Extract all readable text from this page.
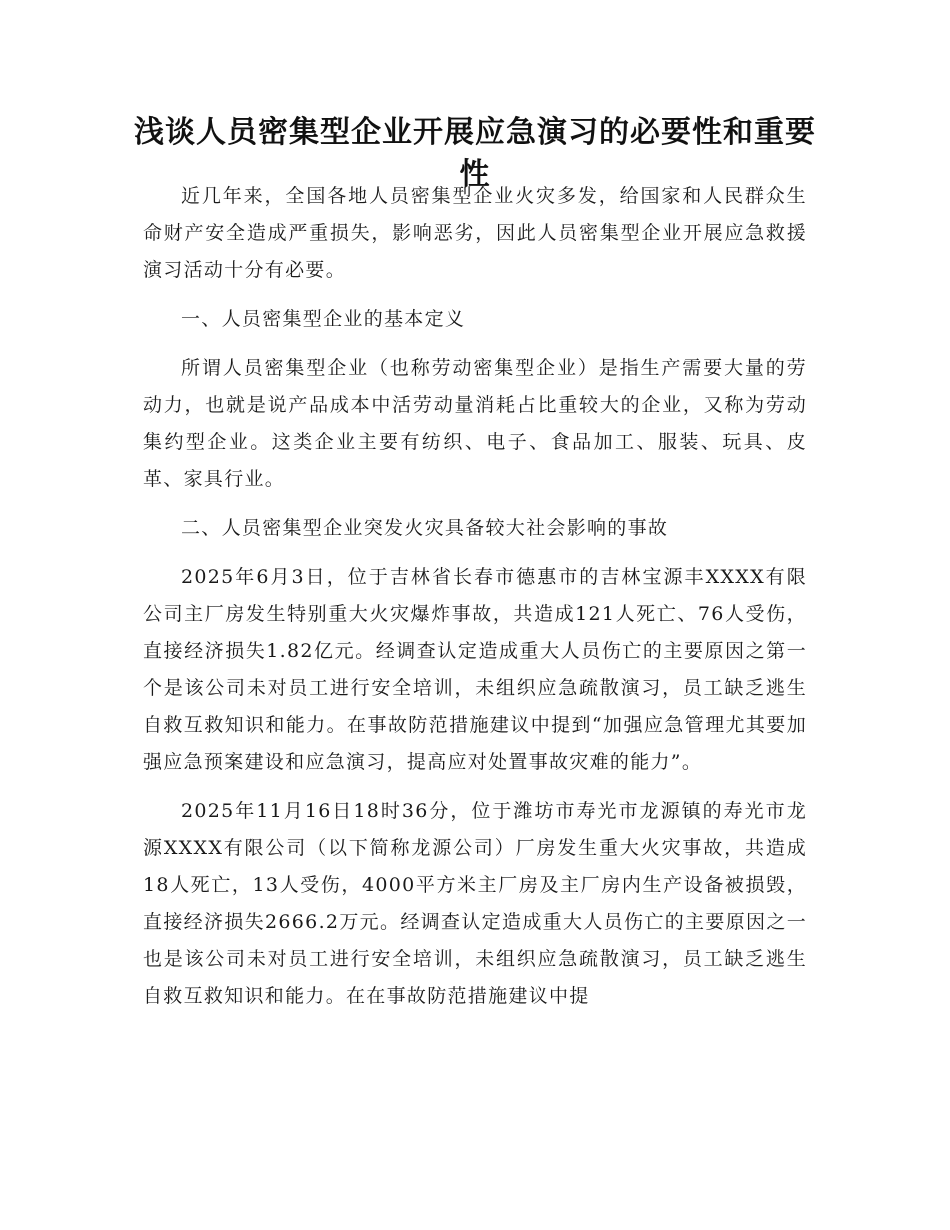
浅谈人员密集型企业开展应急演习的必要性和重要性

近几年来，全国各地人员密集型企业火灾多发，给国家和人民群众生命财产安全造成严重损失，影响恶劣，因此人员密集型企业开展应急救援演习活动十分有必要。

一、人员密集型企业的基本定义

所谓人员密集型企业（也称劳动密集型企业）是指生产需要大量的劳动力，也就是说产品成本中活劳动量消耗占比重较大的企业，又称为劳动集约型企业。这类企业主要有纺织、电子、食品加工、服装、玩具、皮革、家具行业。

二、人员密集型企业突发火灾具备较大社会影响的事故

2025年6月3日，位于吉林省长春市德惠市的吉林宝源丰XXXX有限公司主厂房发生特别重大火灾爆炸事故，共造成121人死亡、76人受伤，直接经济损失1.82亿元。经调查认定造成重大人员伤亡的主要原因之第一个是该公司未对员工进行安全培训，未组织应急疏散演习，员工缺乏逃生自救互救知识和能力。在事故防范措施建议中提到“加强应急管理尤其要加强应急预案建设和应急演习，提高应对处置事故灾难的能力”。

2025年11月16日18时36分，位于潍坊市寿光市龙源镇的寿光市龙源XXXX有限公司（以下简称龙源公司）厂房发生重大火灾事故，共造成18人死亡，13人受伤，4000平方米主厂房及主厂房内生产设备被损毁，直接经济损失2666.2万元。经调查认定造成重大人员伤亡的主要原因之一也是该公司未对员工进行安全培训，未组织应急疏散演习，员工缺乏逃生自救互救知识和能力。在在事故防范措施建议中提
